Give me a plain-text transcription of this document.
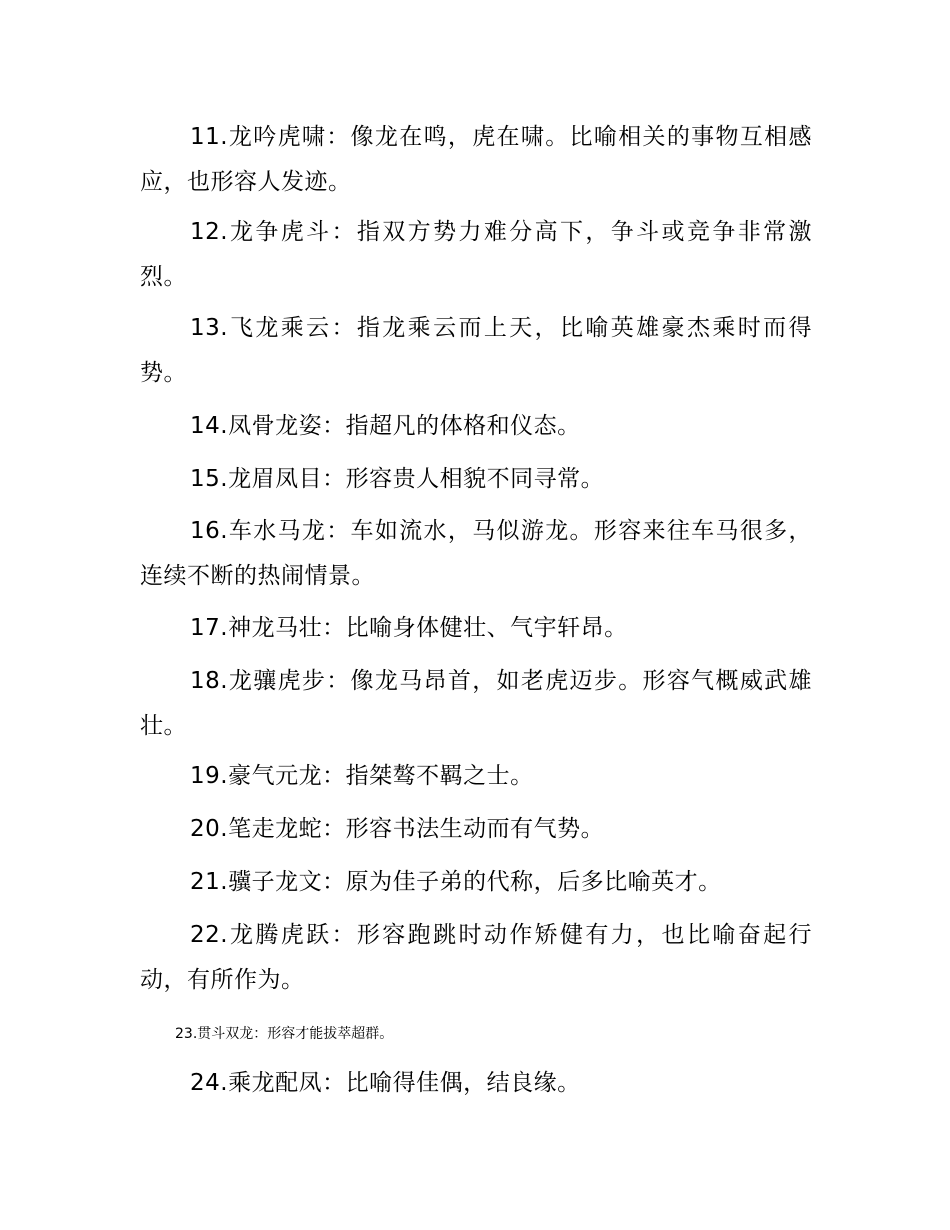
11.龙吟虎啸：像龙在鸣，虎在啸。比喻相关的事物互相感应，也形容人发迹。

12.龙争虎斗：指双方势力难分高下，争斗或竞争非常激烈。

13.飞龙乘云：指龙乘云而上天，比喻英雄豪杰乘时而得势。

14.凤骨龙姿：指超凡的体格和仪态。

15.龙眉凤目：形容贵人相貌不同寻常。

16.车水马龙：车如流水，马似游龙。形容来往车马很多，连续不断的热闹情景。

17.神龙马壮：比喻身体健壮、气宇轩昂。

18.龙骧虎步：像龙马昂首，如老虎迈步。形容气概威武雄壮。

19.豪气元龙：指桀骜不羁之士。

20.笔走龙蛇：形容书法生动而有气势。

21.骥子龙文：原为佳子弟的代称，后多比喻英才。

22.龙腾虎跃：形容跑跳时动作矫健有力，也比喻奋起行动，有所作为。

23.贯斗双龙：形容才能拔萃超群。

24.乘龙配凤：比喻得佳偶，结良缘。
